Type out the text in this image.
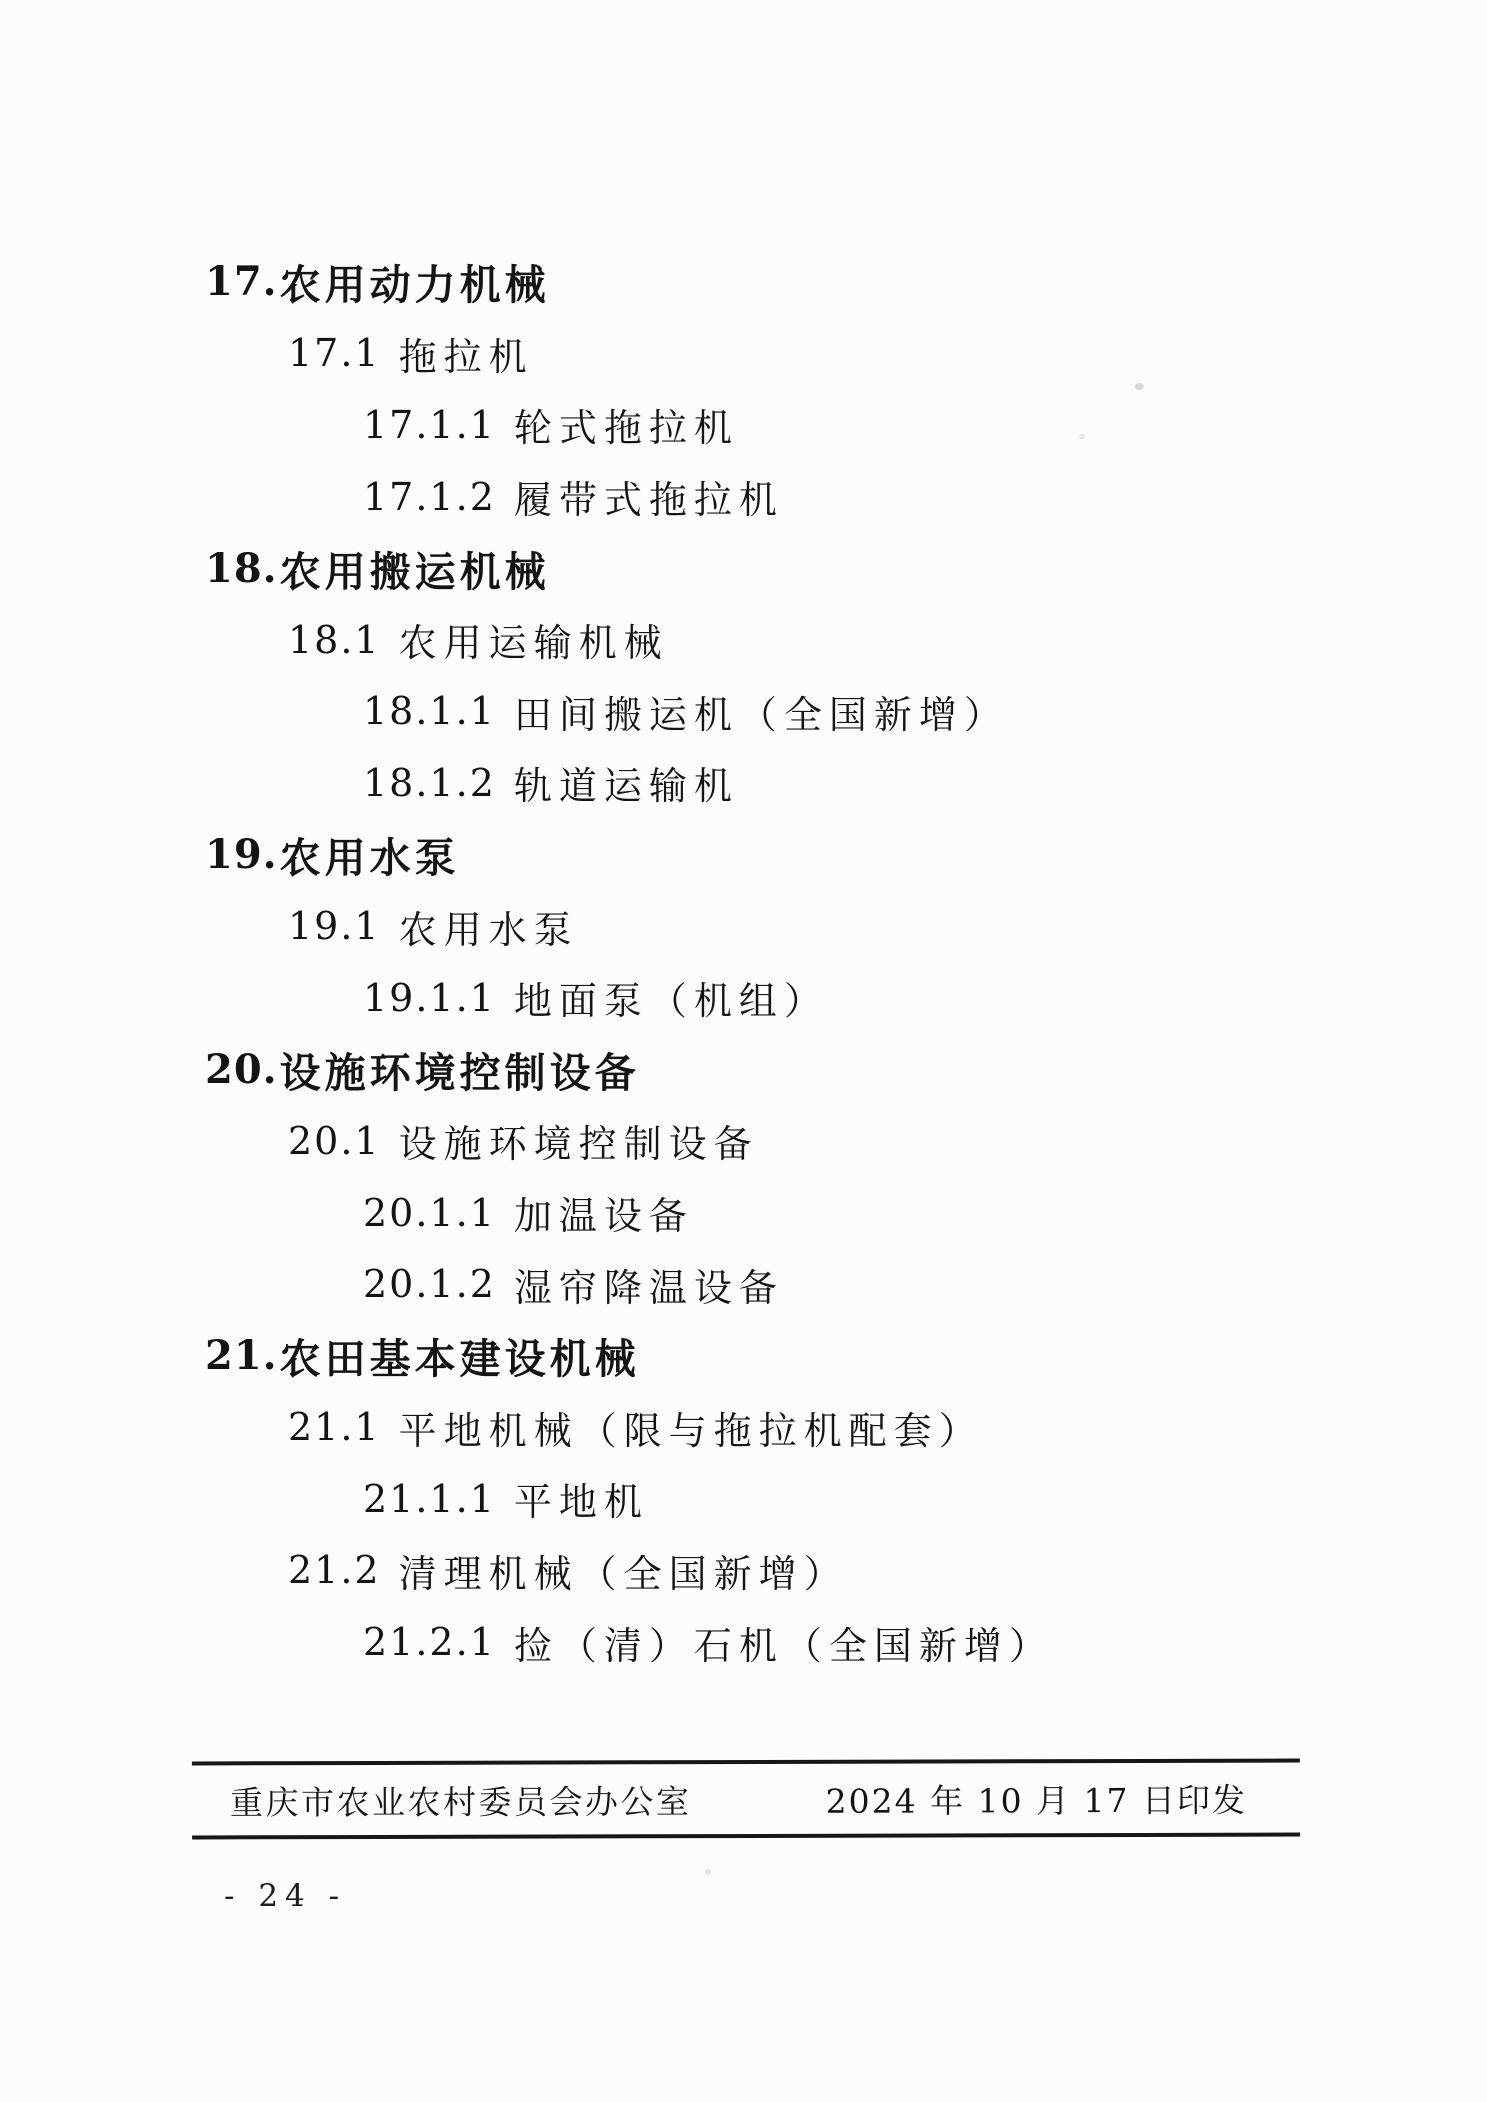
17. 农用动力机械
17.1 拖拉机
17.1.1 轮式拖拉机
17.1.2 履带式拖拉机
18. 农用搬运机械
18.1 农用运输机械
18.1.1 田间搬运机（全国新增）
18.1.2 轨道运输机
19. 农用水泵
19.1 农用水泵
19.1.1 地面泵（机组）
20. 设施环境控制设备
20.1 设施环境控制设备
20.1.1 加温设备
20.1.2 湿帘降温设备
21. 农田基本建设机械
21.1 平地机械（限与拖拉机配套）
21.1.1 平地机
21.2 清理机械（全国新增）
21.2.1 捡（清）石机（全国新增）
重庆市农业农村委员会办公室	2024 年 10 月 17 日印发
- 24 -
